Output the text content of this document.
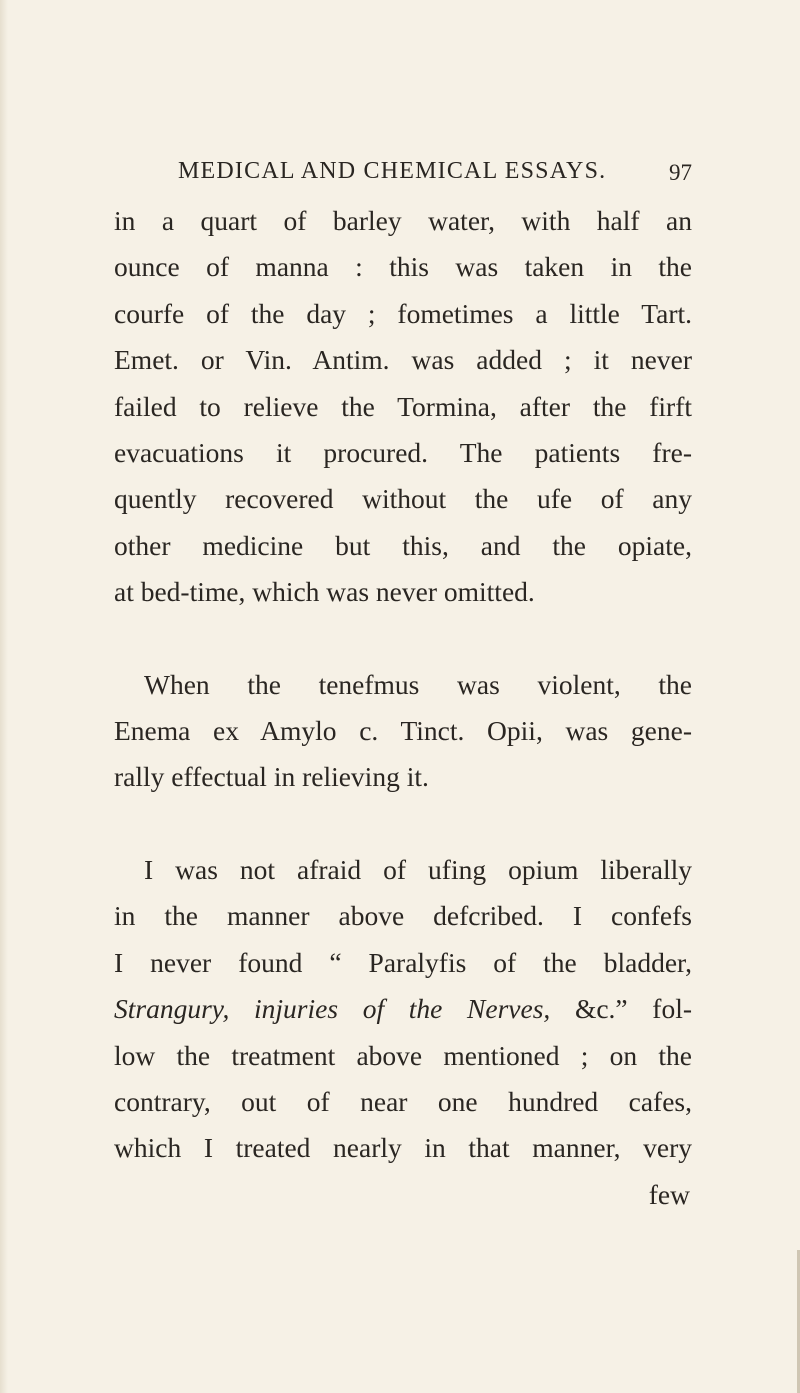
MEDICAL AND CHEMICAL ESSAYS.	97
in a quart of barley water, with half an
ounce of manna : this was taken in the
courfe of the day ; fometimes a little Tart.
Emet. or Vin. Antim. was added ; it never
failed to relieve the Tormina, after the firft
evacuations it procured. The patients fre-
quently recovered without the ufe of any
other medicine but this, and the opiate,
at bed-time, which was never omitted.
When the tenefmus was violent, the
Enema ex Amylo c. Tinct. Opii, was gene-
rally effectual in relieving it.
I was not afraid of ufing opium liberally
in the manner above defcribed. I confefs
I never found “ Paralyfis of the bladder,
Strangury, injuries of the Nerves, &c.” fol-
low the treatment above mentioned ; on the
contrary, out of near one hundred cafes,
which I treated nearly in that manner, very
few
